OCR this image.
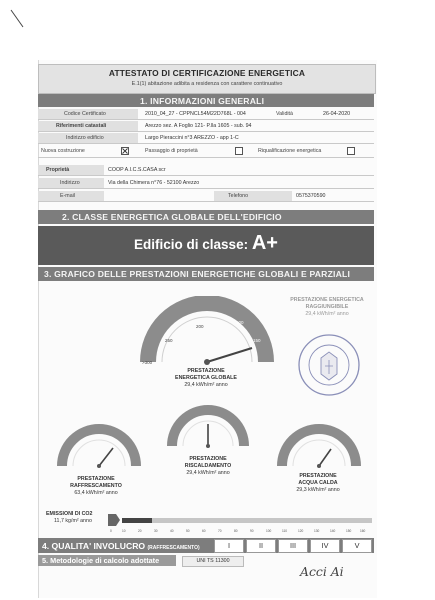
ATTESTATO DI CERTIFICAZIONE ENERGETICA
E.1(1) abitazione adibita a residenza con carattere continuativo
1. INFORMAZIONI GENERALI
Codice Certificato	2010_04_27 - CPPNCL54M22D768L - 004	Validità	26-04-2020
Riferimenti catastali	Arezzo sez. A Foglio 121- P.lla 1605 - sub. 94
Indirizzo edificio	Largo Pieraccini n°3 AREZZO - app 1-C
Nuova costruzione	Passaggio di proprietà	Riqualificazione energetica
Proprietà	COOP A.I.C.S.CASA scr
Indirizzo	Via della Chimera n°76 - 52100 Arezzo
E-mail	Telefono	0575370590
2. CLASSE ENERGETICA GLOBALE DELL'EDIFICIO
Edificio di classe: A+
3. GRAFICO DELLE PRESTAZIONI ENERGETICHE GLOBALI E PARZIALI
PRESTAZIONE ENERGETICA
RAGGIUNGIBILE
29,4 kWh/m² anno
100
150
200
250
>300
PRESTAZIONE
ENERGETICA GLOBALE
29,4 kWh/m² anno
PRESTAZIONE
RAFFRESCAMENTO
63,4 kWh/m² anno
PRESTAZIONE
RISCALDAMENTO
29,4 kWh/m² anno	PRESTAZIONE
ACQUA CALDA
29,3 kWh/m² anno
EMISSIONI DI CO2
11,7 kg/m² anno
0	10	20	30	40	50	60	70	80	90	100	110	120	130	140	150	160
4. QUALITA' INVOLUCRO (RAFFRESCAMENTO)	I	II	III	IV	V
5. Metodologie di calcolo adottate	UNI TS 11300
Acci Ai
